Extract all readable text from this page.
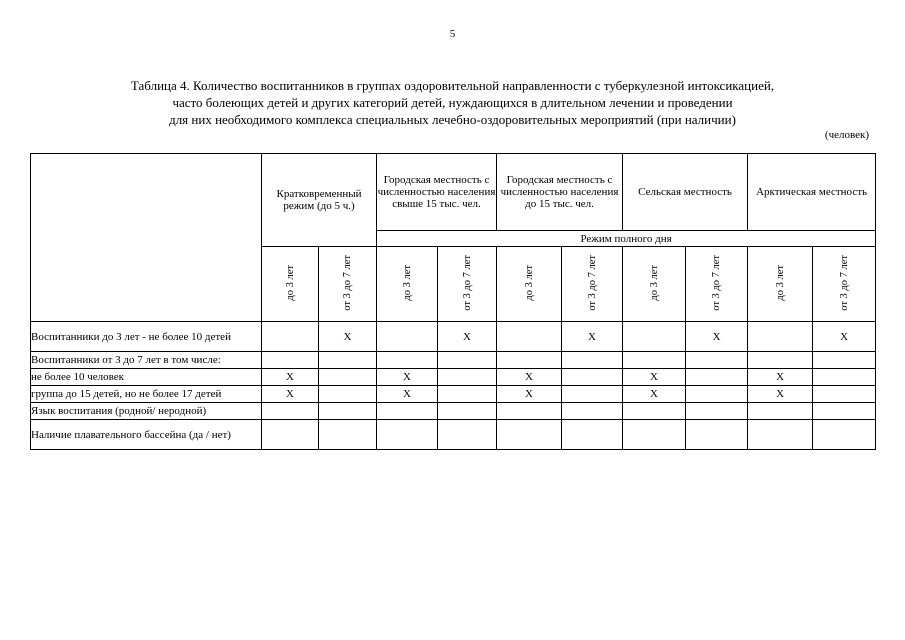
5
Таблица 4. Количество воспитанников в группах оздоровительной направленности с туберкулезной интоксикацией,
часто болеющих детей и других категорий детей, нуждающихся в длительном лечении и проведении
для них необходимого комплекса специальных лечебно-оздоровительных мероприятий (при наличии)
(человек)
	Кратковременный режим (до 5 ч.)		Городская местность с численностью населения свыше 15 тыс. чел.		Городская местность с численностью населения до 15 тыс. чел.		Сельская местность		Арктическая местность	
			Режим полного дня							
	до 3 лет	от 3 до 7 лет	до 3 лет	от 3 до 7 лет	до 3 лет	от 3 до 7 лет	до 3 лет	от 3 до 7 лет	до 3 лет	от 3 до 7 лет
Воспитанники до 3 лет - не более 10 детей		Х		Х		Х		Х		Х
Воспитанники от 3 до 7 лет в том числе:										
не более 10 человек	Х		Х		Х		Х		Х	
группа до 15 детей, но не более 17 детей	Х		Х		Х		Х		Х	
Язык воспитания (родной/ неродной)										
Наличие плавательного бассейна (да / нет)										
